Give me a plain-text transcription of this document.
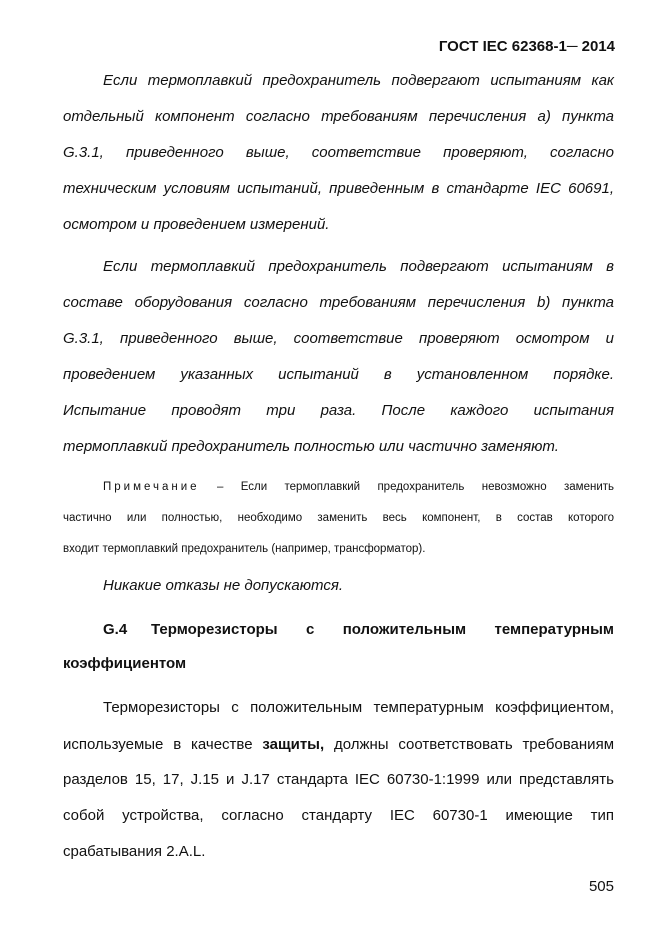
ГОСТ IEC 62368-1─ 2014
Если термоплавкий предохранитель подвергают испытаниям как
отдельный компонент согласно требованиям перечисления а) пункта
G.3.1, приведенного выше, соответствие проверяют, согласно
техническим условиям испытаний, приведенным в стандарте IEC 60691,
осмотром и проведением измерений.
Если термоплавкий предохранитель подвергают испытаниям в
составе оборудования согласно требованиям перечисления b) пункта
G.3.1, приведенного выше, соответствие проверяют осмотром и
проведением указанных испытаний в установленном порядке.
Испытание проводят три раза. После каждого испытания
термоплавкий предохранитель полностью или частично заменяют.
Примечание – Если термоплавкий предохранитель невозможно заменить
частично или полностью, необходимо заменить весь компонент, в состав которого
входит термоплавкий предохранитель (например, трансформатор).
Никакие отказы не допускаются.
G.4	Терморезисторы с положительным температурным
коэффициентом
Терморезисторы с положительным температурным коэффициентом,
используемые в качестве защиты, должны соответствовать требованиям
разделов 15, 17, J.15 и J.17 стандарта IEC 60730-1:1999 или представлять
собой устройства, согласно стандарту IEC 60730-1 имеющие тип
срабатывания 2.A.L.
505
